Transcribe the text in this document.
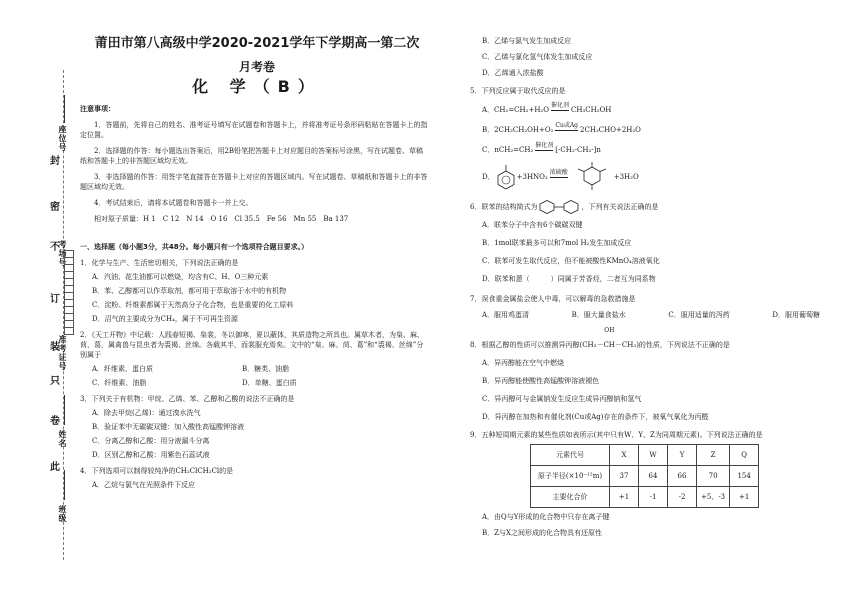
封
密
不
订
装
只
卷
此
座位号
考场号
准考证号
姓名
班级
莆田市第八高级中学2020-2021学年下学期高一第二次
月考卷
化 学（B）

注意事项：

1．答题前，先将自己的姓名、准考证号填写在试题卷和答题卡上，并将准考证号条形码粘贴在答题卡上的指定位置。

2．选择题的作答：每小题选出答案后，用2B铅笔把答题卡上对应题目的答案标号涂黑，写在试题卷、草稿纸和答题卡上的非答题区域均无效。

3．非选择题的作答：用签字笔直接答在答题卡上对应的答题区域内。写在试题卷、草稿纸和答题卡上的非答题区域均无效。

4．考试结束后，请将本试题卷和答题卡一并上交。

相对原子质量：H 1　C 12　N 14　O 16　Cl 35.5　Fe 56　Mn 55　Ba 137

一、选择题（每小题3分，共48分。每小题只有一个选项符合题目要求。）

1．化学与生产、生活密切相关，下列说法正确的是

A．汽油、花生油都可以燃烧，均含有C、H、O三种元素

B．苯、乙醇都可以作萃取剂，都可用于萃取溶于水中的有机物

C．淀粉、纤维素都属于天然高分子化合物，也是重要的化工原料

D．沼气的主要成分为CH₄，属于不可再生资源

2．《天工开物》中记载：人践春短褐、枲裳，冬以御寒，夏以蔽体，其质造物之所具也。属草木者，为枲、麻、苘、葛，属禽兽与昆虫者为裘褐、丝绵。各载其半，而裳服充焉矣。文中的“枲、麻、苘、葛”和“裘褐、丝绵”分别属于

A．纤维素、蛋白质	B．糖类、油脂
C．纤维素、油脂	D．单糖、蛋白质

3．下列关于有机物：甲烷、乙烯、苯、乙醇和乙酸的说法不正确的是

A．除去甲烷(乙烯)：通过溴水洗气

B．验证苯中无碳碳双键：加入酸性高锰酸钾溶液

C．分离乙醇和乙酸：用分液漏斗分离

D．区别乙醇和乙酸：用紫色石蕊试液

4．下列选项可以制得较纯净的CH₂ClCH₂Cl的是

A．乙烷与氯气在光照条件下反应

B．乙烯与氯气发生加成反应

C．乙烯与氯化氢气体发生加成反应

D．乙烯通入浓盐酸

5．下列反应属于取代反应的是

A．CH₂=CH₂+H₂O
催化剂
CH₃CH₂OH
B．2CH₃CH₂OH+O₂
Cu或Ag
2CH₃CHO+2H₂O
C．nCH₂=CH₂
催化剂
[-CH₂-CH₂-]n
D．	+3HNO₃
浓硫酸
+3H₂O
6．联苯的结构简式为	，下列有关说法正确的是

A．联苯分子中含有6个碳碳双键

B．1mol联苯最多可以和7mol H₂发生加成反应

C．联苯可发生取代反应，但不能被酸性KMnO₄溶液氧化

D．联苯和蒽（　　　）同属于芳香烃，二者互为同系物

7．误食重金属盐会使人中毒，可以解毒的急救措施是

A．服用鸡蛋清	B．服大量食盐水	C．服用适量的泻药	D．服用葡萄糖
8．根据乙醇的性质可以推测异丙醇(
OH
CH₃－CH－CH₃ )的性质，下列说法不正确的是

A．异丙醇能在空气中燃烧

B．异丙醇能使酸性高锰酸钾溶液褪色

C．异丙醇可与金属钠发生反应生成异丙醇钠和氢气

D．异丙醇在加热和有催化剂(Cu或Ag)存在的条件下，被氧气氧化为丙醛

9．五种短周期元素的某些性质如表所示(其中只有W、Y、Z为同周期元素)。下列说法正确的是

元素代号	X	W	Y	Z	Q
原子半径(×10⁻¹²m)	37	64	66	70	154
主要化合价	+1	-1	-2	+5、-3	+1

A．由Q与Y形成的化合物中只存在离子键

B．Z与X之间形成的化合物具有还原性
